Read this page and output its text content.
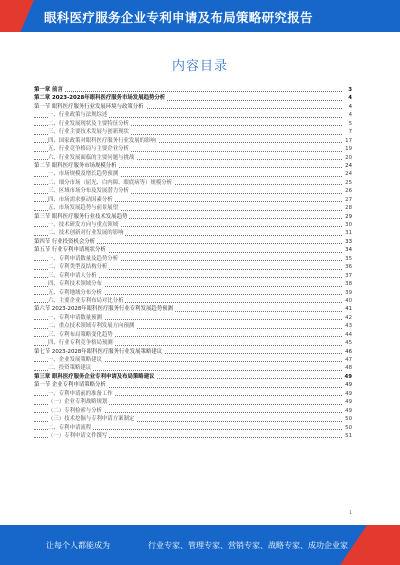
眼科医疗服务企业专利申请及布局策略研究报告
内容目录
第一章 前言	3
第二章 2023-2028年眼科医疗服务市场发展趋势分析	4
第一节 眼科医疗服务行业发展环境与政策分析	4
一、行业政策与法规综述	4
二、行业发展现状及主要特征分析	5
三、行业主要技术发展与创新现状	7
四、国家政策对眼科医疗服务行业发展的影响	17
五、行业竞争格局与主要企业分析	19
六、行业发展面临的主要问题与挑战	20
第二节 眼科医疗服务市场规模分析	24
一、市场规模及增长趋势预测	24
二、细分市场（屈光、白内障、眼底病等）规模分析	25
三、区域市场分布及发展潜力分析	26
四、市场需求驱动因素分析	27
五、市场发展趋势与前景展望	28
第三节 眼科医疗服务行业技术发展趋势	29
一、技术研发方向与重点领域	30
二、技术创新对行业发展的影响	31
第四节 行业投资机会分析	33
第五节 行业专利申请现状分析	34
一、专利申请数量及趋势分析	35
二、专利类型及结构分析	36
三、专利申请人分析	37
四、专利技术领域分布	38
五、专利地域分布分析	39
六、主要企业专利布局对比分析	40
第六节 2023-2028年眼科医疗服务行业专利发展趋势预测	41
一、专利申请数量预测	42
二、重点技术领域专利发展方向预测	43
三、专利布局策略变化趋势	44
四、行业专利竞争格局预测	45
第七节 2023-2028年眼科医疗服务行业发展策略建议	46
一、企业发展策略建议	47
二、投资策略建议	48
第三章 眼科医疗服务企业专利申请及布局策略建议	49
第一节 企业专利申请策略分析	49
一、专利申请前的准备工作	49
（一）企业专利战略规划	49
（二）专利检索与分析	49
（三）技术挖掘与专利申请方案制定	50
二、专利申请流程	50
（一）专利申请文件撰写	51
1
让每个人都能成为	行业专家、管理专家、营销专家、战略专家、成功企业家
